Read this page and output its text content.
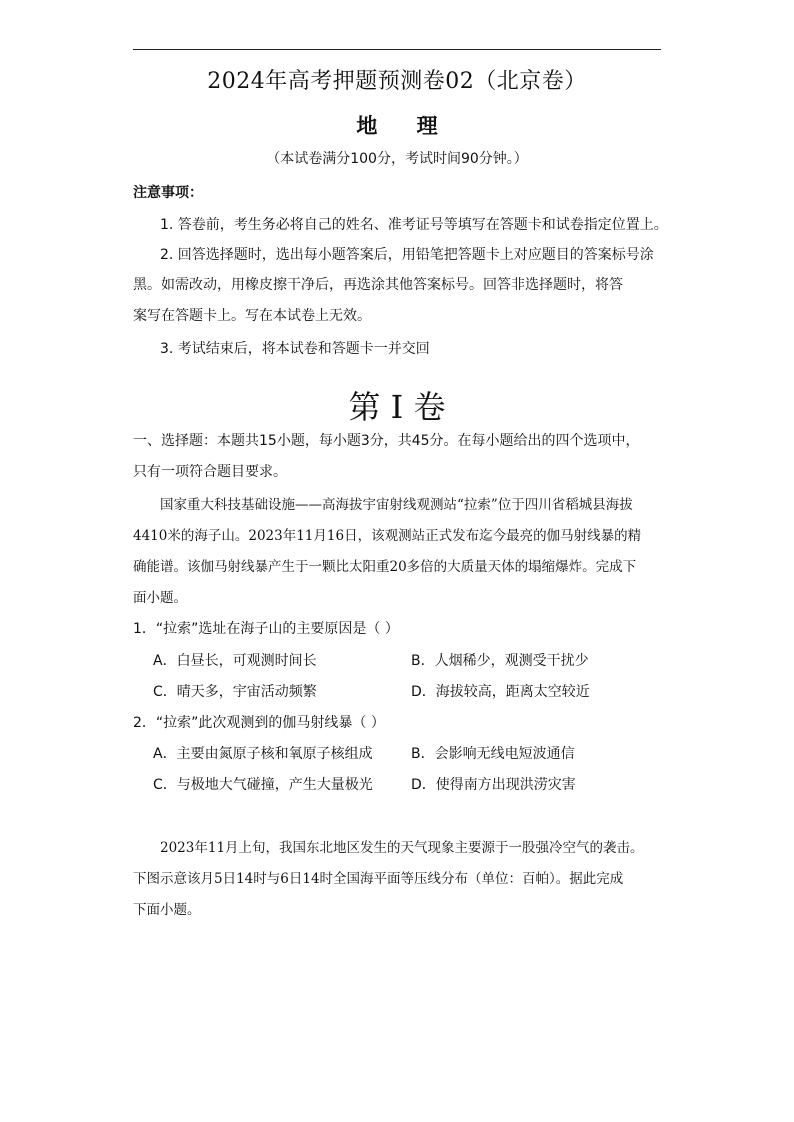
2024年高考押题预测卷02（北京卷）
地 理
（本试卷满分100分，考试时间90分钟。）
注意事项：
1. 答卷前，考生务必将自己的姓名、准考证号等填写在答题卡和试卷指定位置上。
2. 回答选择题时，选出每小题答案后，用铅笔把答题卡上对应题目的答案标号涂
黑。如需改动，用橡皮擦干净后，再选涂其他答案标号。回答非选择题时，将答
案写在答题卡上。写在本试卷上无效。
3. 考试结束后，将本试卷和答题卡一并交回
第 I 卷
一、选择题：本题共15小题，每小题3分，共45分。在每小题给出的四个选项中，
只有一项符合题目要求。
国家重大科技基础设施——高海拔宇宙射线观测站“拉索”位于四川省稻城县海拔
4410米的海子山。2023年11月16日，该观测站正式发布迄今最亮的伽马射线暴的精
确能谱。该伽马射线暴产生于一颗比太阳重20多倍的大质量天体的塌缩爆炸。完成下
面小题。
1．“拉索”选址在海子山的主要原因是（ ）
A．白昼长，可观测时间长	B．人烟稀少，观测受干扰少
C．晴天多，宇宙活动频繁	D．海拔较高，距离太空较近
2．“拉索”此次观测到的伽马射线暴（ ）
A．主要由氮原子核和氧原子核组成	B．会影响无线电短波通信
C．与极地大气碰撞，产生大量极光	D．使得南方出现洪涝灾害
2023年11月上旬，我国东北地区发生的天气现象主要源于一股强冷空气的袭击。
下图示意该月5日14时与6日14时全国海平面等压线分布（单位：百帕）。据此完成
下面小题。
